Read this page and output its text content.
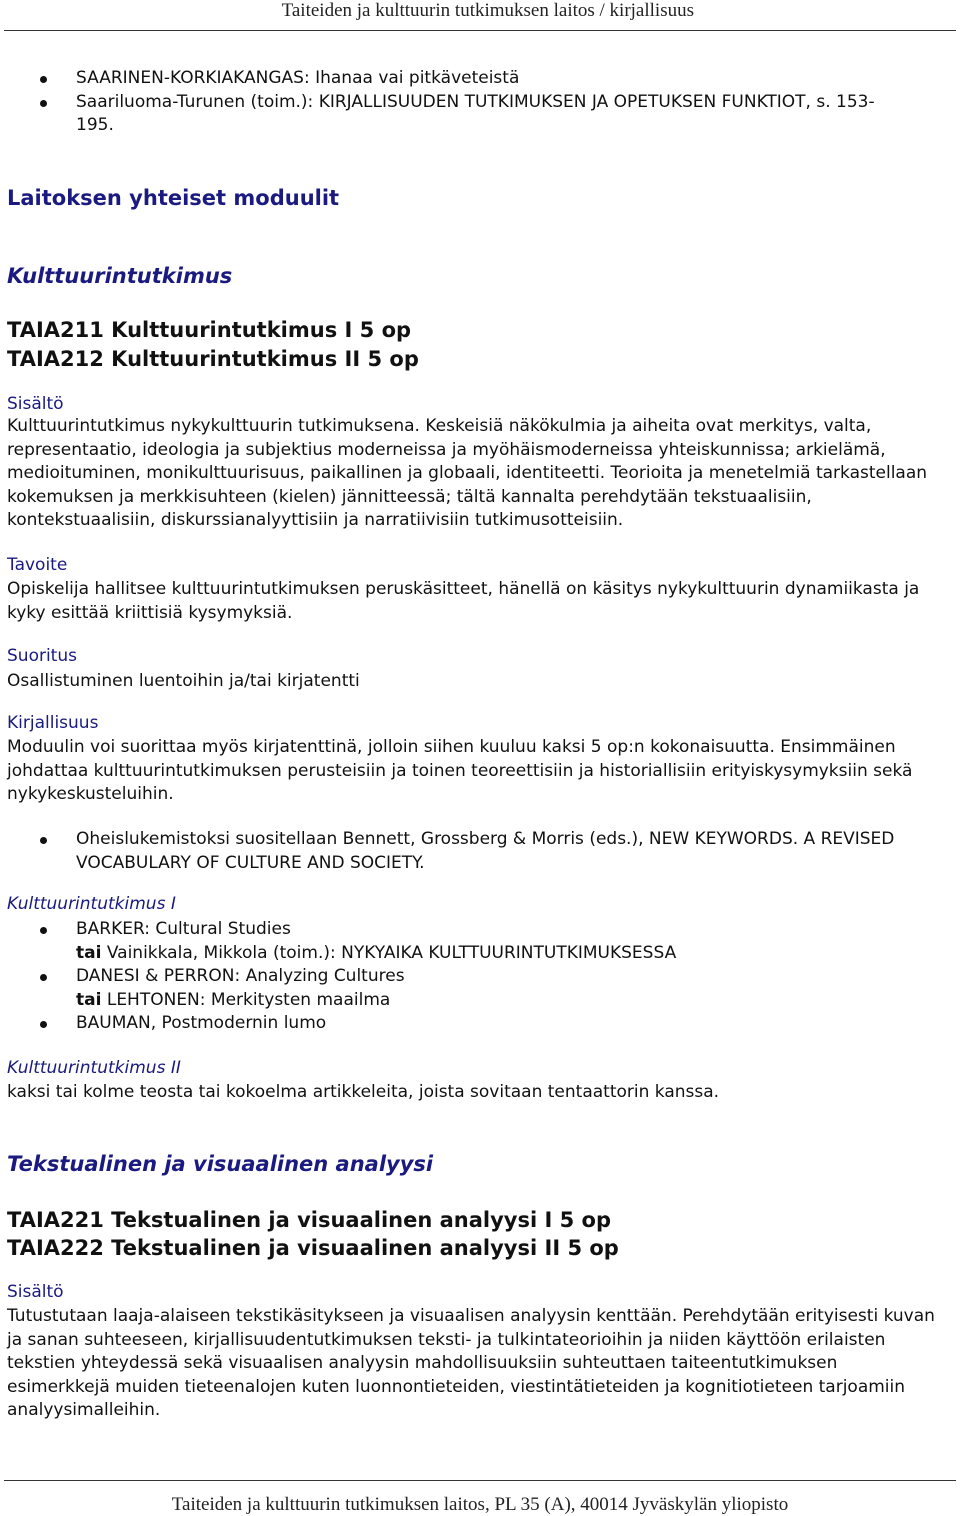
Taiteiden ja kulttuurin tutkimuksen laitos / kirjallisuus
SAARINEN-KORKIAKANGAS: Ihanaa vai pitkäveteistä
Saariluoma-Turunen (toim.): KIRJALLISUUDEN TUTKIMUKSEN JA OPETUKSEN FUNKTIOT, s. 153-195.
Laitoksen yhteiset moduulit
Kulttuurintutkimus
TAIA211 Kulttuurintutkimus I 5 op
TAIA212 Kulttuurintutkimus II 5 op
Sisältö

Kulttuurintutkimus nykykulttuurin tutkimuksena. Keskeisiä näkökulmia ja aiheita ovat merkitys, valta, representaatio, ideologia ja subjektius moderneissa ja myöhäismoderneissa yhteiskunnissa; arkielämä, medioituminen, monikulttuurisuus, paikallinen ja globaali, identiteetti. Teorioita ja menetelmiä tarkastellaan kokemuksen ja merkkisuhteen (kielen) jännitteessä; tältä kannalta perehdytään tekstuaalisiin, kontekstuaalisiin, diskurssianalyyttisiin ja narratiivisiin tutkimusotteisiin.

Tavoite

Opiskelija hallitsee kulttuurintutkimuksen peruskäsitteet, hänellä on käsitys nykykulttuurin dynamiikasta ja kyky esittää kriittisiä kysymyksiä.

Suoritus

Osallistuminen luentoihin ja/tai kirjatentti

Kirjallisuus

Moduulin voi suorittaa myös kirjatenttinä, jolloin siihen kuuluu kaksi 5 op:n kokonaisuutta. Ensimmäinen johdattaa kulttuurintutkimuksen perusteisiin ja toinen teoreettisiin ja historiallisiin erityiskysymyksiin sekä nykykeskusteluihin.

Oheislukemistoksi suositellaan Bennett, Grossberg & Morris (eds.), NEW KEYWORDS. A REVISED VOCABULARY OF CULTURE AND SOCIETY.
Kulttuurintutkimus I
BARKER: Cultural Studies
tai Vainikkala, Mikkola (toim.): NYKYAIKA KULTTUURINTUTKIMUKSESSA
DANESI & PERRON: Analyzing Cultures
tai LEHTONEN: Merkitysten maailma
BAUMAN, Postmodernin lumo
Kulttuurintutkimus II

kaksi tai kolme teosta tai kokoelma artikkeleita, joista sovitaan tentaattorin kanssa.

Tekstualinen ja visuaalinen analyysi
TAIA221 Tekstualinen ja visuaalinen analyysi I 5 op
TAIA222 Tekstualinen ja visuaalinen analyysi II 5 op
Sisältö

Tutustutaan laaja-alaiseen tekstikäsitykseen ja visuaalisen analyysin kenttään. Perehdytään erityisesti kuvan ja sanan suhteeseen, kirjallisuudentutkimuksen teksti- ja tulkintateorioihin ja niiden käyttöön erilaisten tekstien yhteydessä sekä visuaalisen analyysin mahdollisuuksiin suhteuttaen taiteentutkimuksen esimerkkejä muiden tieteenalojen kuten luonnontieteiden, viestintätieteiden ja kognitiotieteen tarjoamiin analyysimalleihin.

Taiteiden ja kulttuurin tutkimuksen laitos, PL 35 (A), 40014 Jyväskylän yliopisto
